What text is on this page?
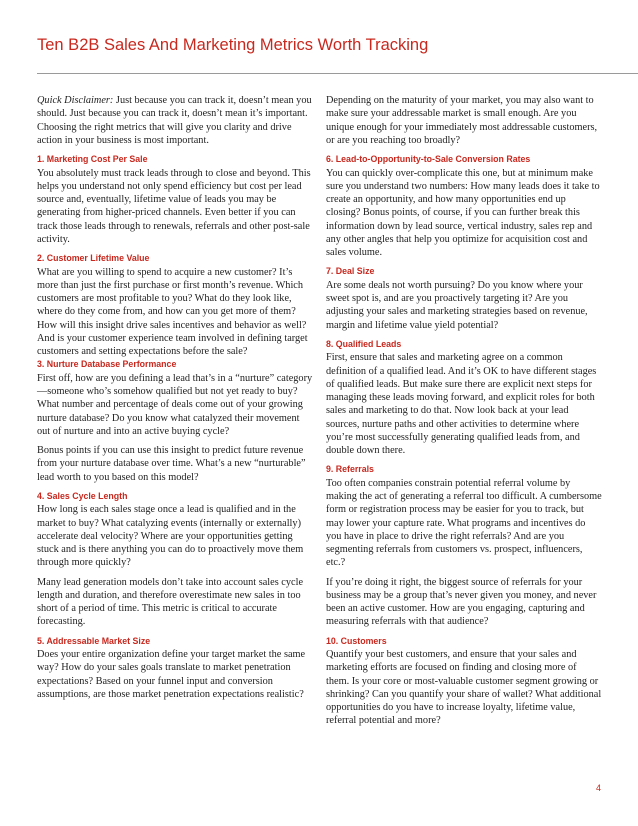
Ten B2B Sales And Marketing Metrics Worth Tracking

Quick Disclaimer: Just because you can track it, doesn’t mean you should. Just because you can track it, doesn’t mean it’s important. Choosing the right metrics that will give you clarity and drive action in your business is most important.

1. Marketing Cost Per Sale

You absolutely must track leads through to close and beyond. This helps you understand not only spend efficiency but cost per lead source and, eventually, lifetime value of leads you may be generating from higher-priced channels. Even better if you can track those leads through to renewals, referrals and other post-sale activity.

2. Customer Lifetime Value

What are you willing to spend to acquire a new customer? It’s more than just the first purchase or first month’s revenue. Which customers are most profitable to you? What do they look like, where do they come from, and how can you get more of them? How will this insight drive sales incentives and behavior as well? And is your customer experience team involved in defining target customers and setting expectations before the sale?

3. Nurture Database Performance

First off, how are you defining a lead that’s in a “nurture” category—someone who’s somehow qualified but not yet ready to buy? What number and percentage of deals come out of your growing nurture database? Do you know what catalyzed their movement out of nurture and into an active buying cycle?

Bonus points if you can use this insight to predict future revenue from your nurture database over time. What’s a new “nurturable” lead worth to you based on this model?

4. Sales Cycle Length

How long is each sales stage once a lead is qualified and in the market to buy? What catalyzing events (internally or externally) accelerate deal velocity? Where are your opportunities getting stuck and is there anything you can do to proactively move them through more quickly?

Many lead generation models don’t take into account sales cycle length and duration, and therefore overestimate new sales in too short of a period of time. This metric is critical to accurate forecasting.

5. Addressable Market Size

Does your entire organization define your target market the same way? How do your sales goals translate to market penetration expectations? Based on your funnel input and conversion assumptions, are those market penetration expectations realistic?

Depending on the maturity of your market, you may also want to make sure your addressable market is small enough. Are you unique enough for your immediately most addressable customers, or are you reaching too broadly?

6. Lead-to-Opportunity-to-Sale Conversion Rates

You can quickly over-complicate this one, but at minimum make sure you understand two numbers: How many leads does it take to create an opportunity, and how many opportunities end up closing? Bonus points, of course, if you can further break this information down by lead source, vertical industry, sales rep and any other angles that help you optimize for acquisition cost and sales volume.

7. Deal Size

Are some deals not worth pursuing? Do you know where your sweet spot is, and are you proactively targeting it? Are you adjusting your sales and marketing strategies based on revenue, margin and lifetime value yield potential?

8. Qualified Leads

First, ensure that sales and marketing agree on a common definition of a qualified lead. And it’s OK to have different stages of qualified leads. But make sure there are explicit next steps for managing these leads moving forward, and explicit roles for both sales and marketing to do that. Now look back at your lead sources, nurture paths and other activities to determine where you’re most successfully generating qualified leads from, and double down there.

9. Referrals

Too often companies constrain potential referral volume by making the act of generating a referral too difficult. A cumbersome form or registration process may be easier for you to track, but may lower your capture rate. What programs and incentives do you have in place to drive the right referrals? And are you segmenting referrals from customers vs. prospect, influencers, etc.?

If you’re doing it right, the biggest source of referrals for your business may be a group that’s never given you money, and never been an active customer. How are you engaging, capturing and measuring referrals with that audience?

10. Customers

Quantify your best customers, and ensure that your sales and marketing efforts are focused on finding and closing more of them. Is your core or most-valuable customer segment growing or shrinking? Can you quantify your share of wallet? What additional opportunities do you have to increase loyalty, lifetime value, referral potential and more?

4
